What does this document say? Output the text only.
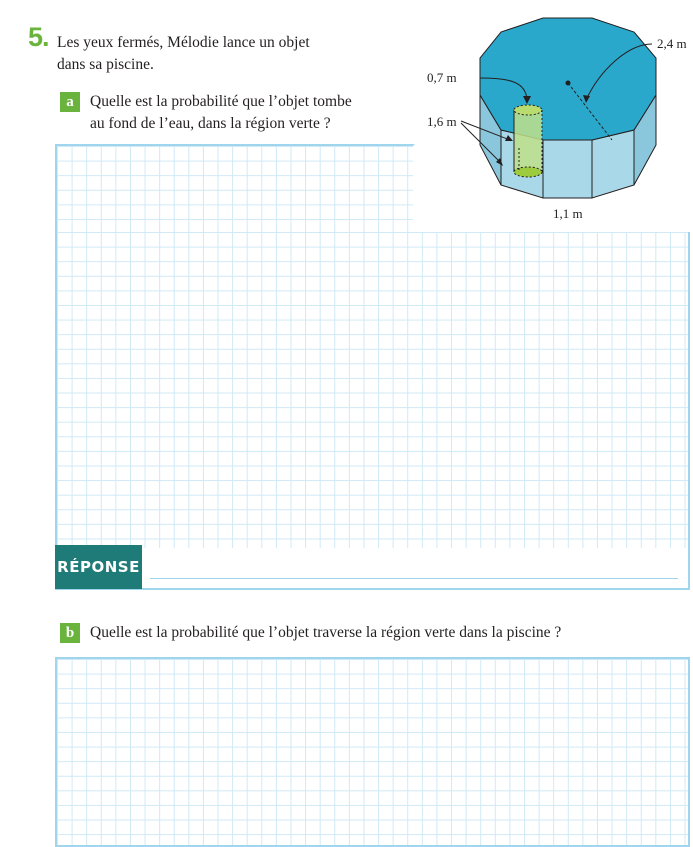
5. Les yeux fermés, Mélodie lance un objet
dans sa piscine.
a	Quelle est la probabilité que l’objet tombe
au fond de l’eau, dans la région verte ?
RÉPONSE
b	Quelle est la probabilité que l’objet traverse la région verte dans la piscine ?
2,4 m
0,7 m
1,6 m
1,1 m
